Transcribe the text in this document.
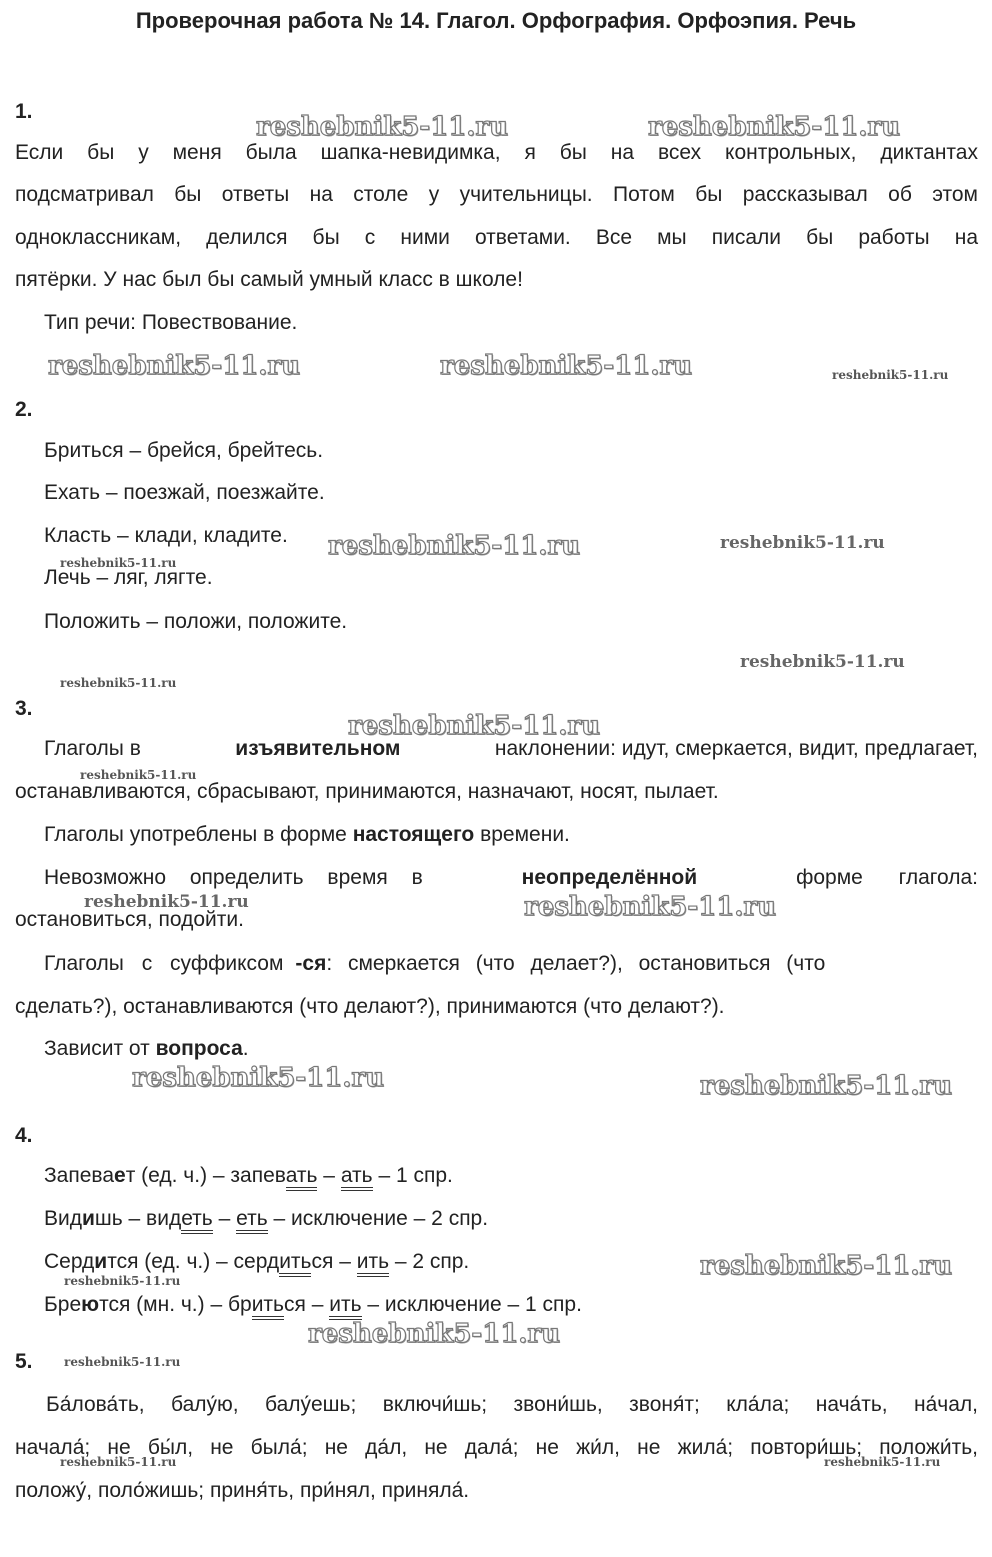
Проверочная работа № 14. Глагол. Орфография. Орфоэпия. Речь
1.
Если бы у меня была шапка-невидимка, я бы на всех контрольных, диктантах
подсматривал бы ответы на столе у учительницы. Потом бы рассказывал об этом
одноклассникам, делился бы с ними ответами. Все мы писали бы работы на
пятёрки. У нас был бы самый умный класс в школе!
Тип речи: Повествование.
2.
Бриться – брейся, брейтесь.
Ехать – поезжай, поезжайте.
Класть – клади, кладите.
Лечь – ляг, лягте.
Положить – положи, положите.
3.
Глаголы в	изъявительном	наклонении: идут, смеркается, видит, предлагает,
останавливаются, сбрасывают, принимаются, назначают, носят, пылает.
Глаголы употреблены в форме настоящего времени.
Невозможно определить время в	неопределённой	форме глагола:
остановиться, подойти.
Глаголы с суффиксом -ся : смеркается (что делает?), остановиться (что
сделать?), останавливаются (что делают?), принимаются (что делают?).
Зависит от вопроса.
4.
Запевает (ед. ч.) – запевать – ать – 1 спр.
Видишь – видеть – еть – исключение – 2 спр.
Сердится (ед. ч.) – сердиться – ить – 2 спр.
Бреются (мн. ч.) – бриться – ить – исключение – 1 спр.
5.
Ба́лова́ть, балу́ю, балу́ешь; включи́шь; звони́шь, звоня́т; кла́ла; нача́ть, на́чал,
начала́; не бы́л, не была́; не да́л, не дала́; не жи́л, не жила́; повтори́шь; положи́ть,
положу́, поло́жишь; приня́ть, при́нял, приняла́.
reshebnik5-11.ru	reshebnik5-11.ru
reshebnik5-11.ru	reshebnik5-11.ru	reshebnik5-11.ru
reshebnik5-11.ru	reshebnik5-11.ru
reshebnik5-11.ru
reshebnik5-11.ru
reshebnik5-11.ru
reshebnik5-11.ru
reshebnik5-11.ru
reshebnik5-11.ru	reshebnik5-11.ru
reshebnik5-11.ru	reshebnik5-11.ru
reshebnik5-11.ru
reshebnik5-11.ru
reshebnik5-11.ru
reshebnik5-11.ru
reshebnik5-11.ru	reshebnik5-11.ru
